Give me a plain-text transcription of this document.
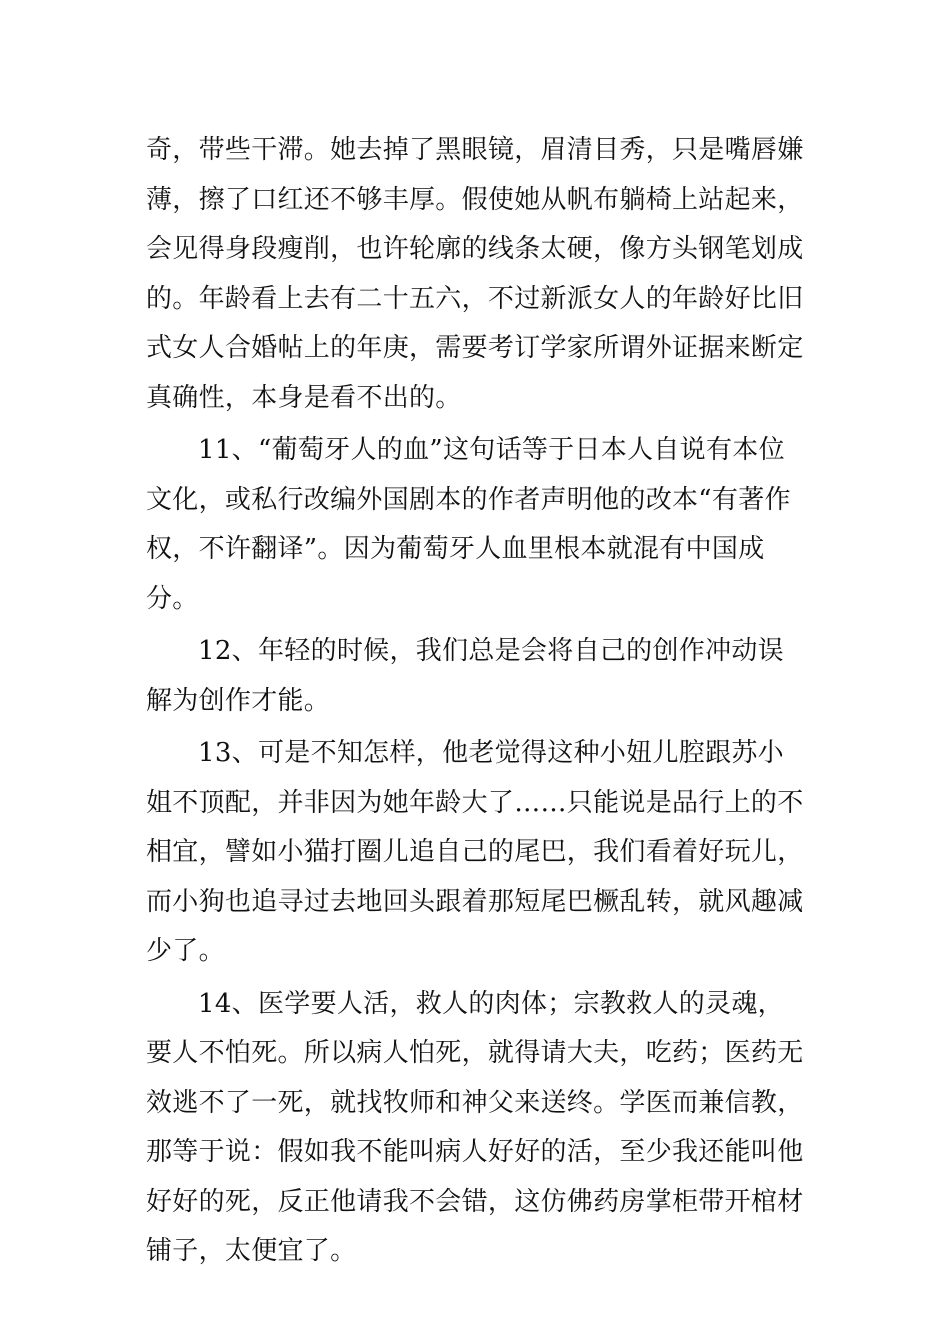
奇，带些干滞。她去掉了黑眼镜，眉清目秀，只是嘴唇嫌薄，擦了口红还不够丰厚。假使她从帆布躺椅上站起来，会见得身段瘦削，也许轮廓的线条太硬，像方头钢笔划成的。年龄看上去有二十五六，不过新派女人的年龄好比旧式女人合婚帖上的年庚，需要考订学家所谓外证据来断定真确性，本身是看不出的。

11、“葡萄牙人的血”这句话等于日本人自说有本位文化，或私行改编外国剧本的作者声明他的改本“有著作权，不许翻译”。因为葡萄牙人血里根本就混有中国成分。

12、年轻的时候，我们总是会将自己的创作冲动误解为创作才能。

13、可是不知怎样，他老觉得这种小妞儿腔跟苏小姐不顶配，并非因为她年龄大了……只能说是品行上的不相宜，譬如小猫打圈儿追自己的尾巴，我们看着好玩儿，而小狗也追寻过去地回头跟着那短尾巴橛乱转，就风趣减少了。

14、医学要人活，救人的肉体；宗教救人的灵魂，要人不怕死。所以病人怕死，就得请大夫，吃药；医药无效逃不了一死，就找牧师和神父来送终。学医而兼信教，那等于说：假如我不能叫病人好好的活，至少我还能叫他好好的死，反正他请我不会错，这仿佛药房掌柜带开棺材铺子，太便宜了。
